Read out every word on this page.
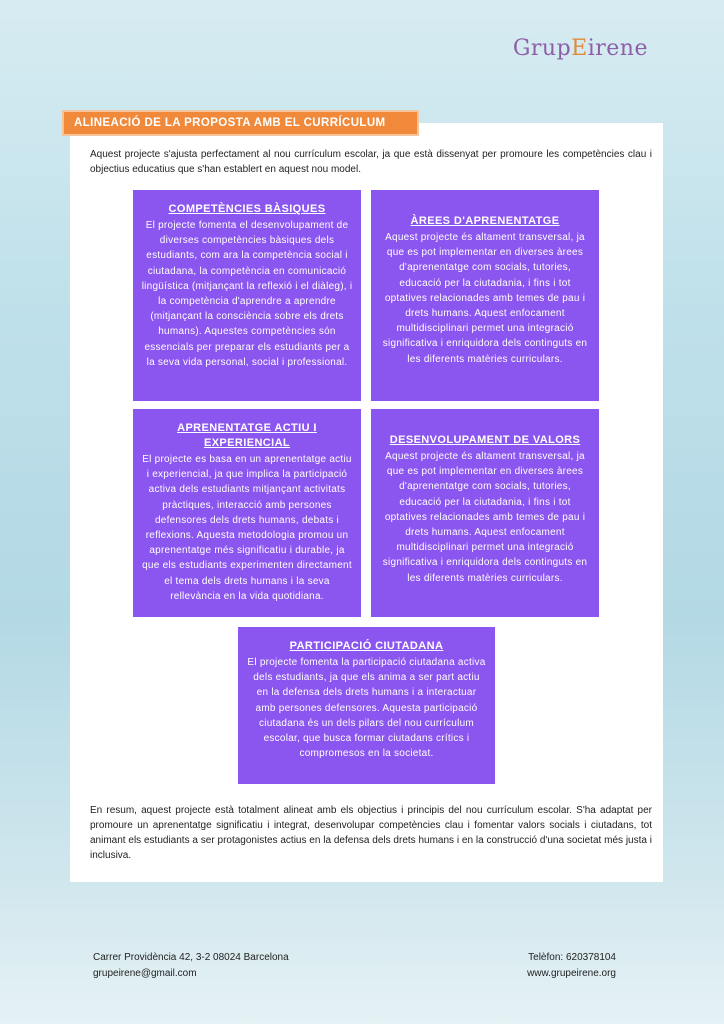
GrupEirene
ALINEACIÓ DE LA PROPOSTA AMB EL CURRÍCULUM
Aquest projecte s'ajusta perfectament al nou currículum escolar, ja que està dissenyat per promoure les competències clau i objectius educatius que s'han establert en aquest nou model.
COMPETÈNCIES BÀSIQUES
El projecte fomenta el desenvolupament de diverses competències bàsiques dels estudiants, com ara la competència social i ciutadana, la competència en comunicació lingüística (mitjançant la reflexió i el diàleg), i la competència d'aprendre a aprendre (mitjançant la consciència sobre els drets humans). Aquestes competències són essencials per preparar els estudiants per a la seva vida personal, social i professional.
ÀREES D'APRENENTATGE
Aquest projecte és altament transversal, ja que es pot implementar en diverses àrees d'aprenentatge com socials, tutories, educació per la ciutadania, i fins i tot optatives relacionades amb temes de pau i drets humans. Aquest enfocament multidisciplinari permet una integració significativa i enriquidora dels continguts en les diferents matèries curriculars.
APRENENTATGE ACTIU I EXPERIENCIAL
El projecte es basa en un aprenentatge actiu i experiencial, ja que implica la participació activa dels estudiants mitjançant activitats pràctiques, interacció amb persones defensores dels drets humans, debats i reflexions. Aquesta metodologia promou un aprenentatge més significatiu i durable, ja que els estudiants experimenten directament el tema dels drets humans i la seva rellevància en la vida quotidiana.
DESENVOLUPAMENT DE VALORS
Aquest projecte és altament transversal, ja que es pot implementar en diverses àrees d'aprenentatge com socials, tutories, educació per la ciutadania, i fins i tot optatives relacionades amb temes de pau i drets humans. Aquest enfocament multidisciplinari permet una integració significativa i enriquidora dels continguts en les diferents matèries curriculars.
PARTICIPACIÓ CIUTADANA
El projecte fomenta la participació ciutadana activa dels estudiants, ja que els anima a ser part actiu en la defensa dels drets humans i a interactuar amb persones defensores. Aquesta participació ciutadana és un dels pilars del nou currículum escolar, que busca formar ciutadans crítics i compromesos en la societat.
En resum, aquest projecte està totalment alineat amb els objectius i principis del nou currículum escolar. S'ha adaptat per promoure un aprenentatge significatiu i integrat, desenvolupar competències clau i fomentar valors socials i ciutadans, tot animant els estudiants a ser protagonistes actius en la defensa dels drets humans i en la construcció d'una societat més justa i inclusiva.
Carrer Providència 42, 3-2 08024 Barcelona
grupeirene@gmail.com
Telèfon: 620378104
www.grupeirene.org
